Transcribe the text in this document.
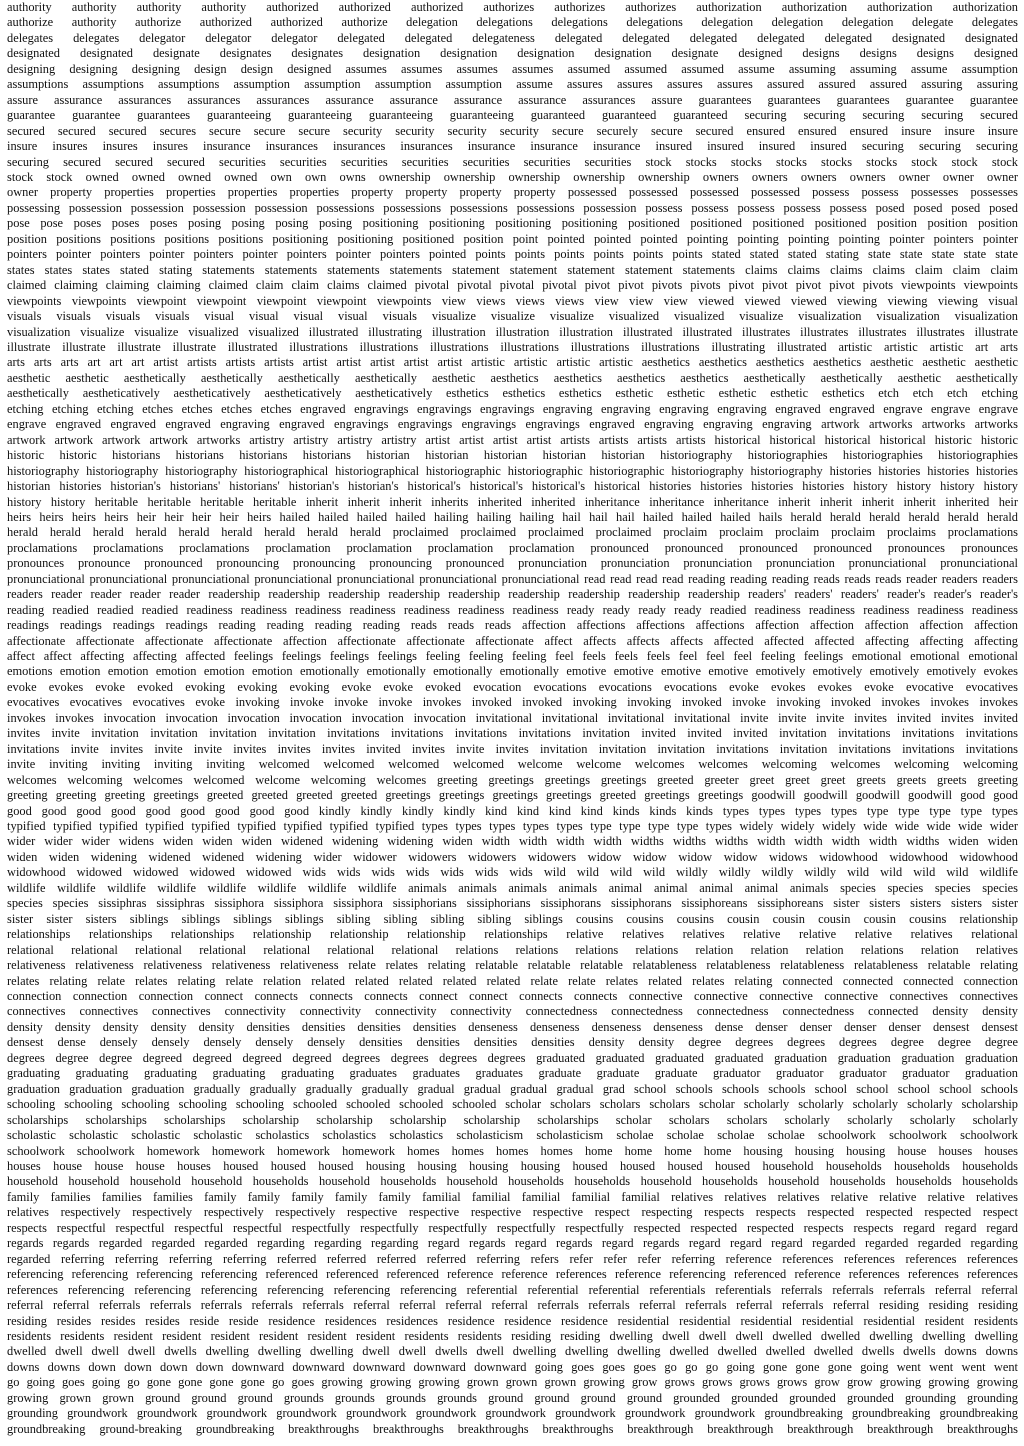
authority authority authority authority authorized authorized authorized authorizes authorizes authorizes authorization authorization authorization authorization
authorize authority authorize authorized authorized authorize delegation delegations delegations delegations delegation delegation delegation delegate delegates
delegates delegates delegator delegator delegator delegated delegated delegateness delegated delegated delegated delegated delegated designated designated
designated designated designate designates designates designation designation designation designation designate designed designs designs designs designed
designing designing designing design design designed assumes assumes assumes assumes assumed assumed assumed assume assuming assuming assume assumption
assumptions assumptions assumptions assumption assumption assumption assumption assume assures assures assures assures assured assured assured assuring assuring
assure assurance assurances assurances assurances assurance assurance assurance assurance assurances assure guarantees guarantees guarantees guarantee guarantee
guarantee guarantee guarantees guaranteeing guaranteeing guaranteeing guaranteeing guaranteed guaranteed guaranteed securing securing securing securing secured
secured secured secured secures secure secure secure security security security security secure securely secure secured ensured ensured ensured insure insure insure
insure insures insures insures insurance insurances insurances insurances insurance insurance insurance insured insured insured insured securing securing securing
securing secured secured secured securities securities securities securities securities securities securities stock stocks stocks stocks stocks stocks stock stock stock
stock stock owned owned owned owned own own owns ownership ownership ownership ownership ownership owners owners owners owners owner owner owner
owner property properties properties properties properties property property property property possessed possessed possessed possessed possess possess possesses possesses
possessing possession possession possession possession possessions possessions possessions possessions possession possess possess possess possess possess posed posed posed posed
pose pose poses poses poses posing posing posing posing positioning positioning positioning positioning positioned positioned positioned positioned position position position
position positions positions positions positions positioning positioning positioned position point pointed pointed pointed pointing pointing pointing pointing pointer pointers pointer
pointers pointer pointers pointer pointers pointer pointers pointer pointers pointed points points points points points points stated stated stated stating state state state state state
states states states stated stating statements statements statements statements statement statement statement statement statements claims claims claims claims claim claim claim
claimed claiming claiming claiming claimed claim claim claims claimed pivotal pivotal pivotal pivotal pivot pivot pivots pivots pivot pivot pivot pivot pivots viewpoints viewpoints
viewpoints viewpoints viewpoint viewpoint viewpoint viewpoint viewpoints view views views views view view view viewed viewed viewed viewing viewing viewing visual
visuals visuals visuals visuals visual visual visual visual visuals visualize visualize visualize visualized visualized visualize visualization visualization visualization
visualization visualize visualize visualized visualized illustrated illustrating illustration illustration illustration illustrated illustrated illustrates illustrates illustrates illustrates illustrate
illustrate illustrate illustrate illustrate illustrated illustrations illustrations illustrations illustrations illustrations illustrations illustrating illustrated artistic artistic artistic art arts
arts arts arts art art art artist artists artists artists artist artist artist artist artist artistic artistic artistic artistic aesthetics aesthetics aesthetics aesthetics aesthetic aesthetic aesthetic
aesthetic aesthetic aesthetically aesthetically aesthetically aesthetically aesthetic aesthetics aesthetics aesthetics aesthetics aesthetically aesthetically aesthetic aesthetically
aesthetically aestheticatively aestheticatively aestheticatively aestheticatively esthetics esthetics esthetics esthetic esthetic esthetic esthetic esthetics etch etch etch etching
etching etching etching etches etches etches etches engraved engravings engravings engravings engraving engraving engraving engraving engraved engraved engrave engrave engrave
engrave engraved engraved engraved engraving engraved engravings engravings engravings engravings engraved engraving engraving engraving artwork artworks artworks artworks
artwork artwork artwork artwork artworks artistry artistry artistry artistry artist artist artist artist artists artists artists artists historical historical historical historical historic historic
historic historic historians historians historians historians historian historian historian historian historian historiography historiographies historiographies historiographies
historiography historiography historiography historiographical historiographical historiographic historiographic historiographic historiography historiography histories histories histories histories
historian histories historian's historians' historians' historian's historian's historical's historical's historical's historical histories histories histories histories history history history history
history history heritable heritable heritable heritable inherit inherit inherit inherits inherited inherited inheritance inheritance inheritance inherit inherit inherit inherit inherited heir
heirs heirs heirs heirs heir heir heir heir heirs hailed hailed hailed hailed hailing hailing hailing hail hail hail hailed hailed hailed hails herald herald herald herald herald herald
herald herald herald herald herald herald herald herald herald proclaimed proclaimed proclaimed proclaimed proclaim proclaim proclaim proclaim proclaims proclamations
proclamations proclamations proclamations proclamation proclamation proclamation proclamation pronounced pronounced pronounced pronounced pronounces pronounces
pronounces pronounce pronounced pronouncing pronouncing pronouncing pronounced pronunciation pronunciation pronunciation pronunciation pronunciational pronunciational
pronunciational pronunciational pronunciational pronunciational pronunciational pronunciational pronunciational read read read read reading reading reading reads reads reads reader readers readers
readers reader reader reader reader readership readership readership readership readership readership readership readership readership readers' readers' readers' reader's reader's reader's
reading readied readied readied readiness readiness readiness readiness readiness readiness readiness ready ready ready ready readied readiness readiness readiness readiness readiness
readings readings readings readings reading reading reading reading reads reads reads affection affections affections affections affection affection affection affection affection
affectionate affectionate affectionate affectionate affection affectionate affectionate affectionate affect affects affects affects affected affected affected affecting affecting affecting
affect affect affecting affecting affected feelings feelings feelings feelings feeling feeling feeling feel feels feels feels feel feel feel feeling feelings emotional emotional emotional
emotions emotion emotion emotion emotion emotion emotionally emotionally emotionally emotionally emotive emotive emotive emotive emotively emotively emotively emotively evokes
evoke evokes evoke evoked evoking evoking evoking evoke evoke evoked evocation evocations evocations evocations evoke evokes evokes evoke evocative evocatives
evocatives evocatives evocatives evoke invoking invoke invoke invoke invokes invoked invoked invoking invoking invoked invoke invoking invoked invokes invokes invokes
invokes invokes invocation invocation invocation invocation invocation invocation invitational invitational invitational invitational invite invite invite invites invited invites invited
invites invite invitation invitation invitation invitation invitations invitations invitations invitations invitation invited invited invited invitation invitations invitations invitations
invitations invite invites invite invite invites invites invites invited invites invite invites invitation invitation invitation invitations invitation invitations invitations invitations
invite inviting inviting inviting inviting welcomed welcomed welcomed welcomed welcome welcome welcomes welcomes welcoming welcomes welcoming welcoming
welcomes welcoming welcomes welcomed welcome welcoming welcomes greeting greetings greetings greetings greeted greeter greet greet greet greets greets greets greeting
greeting greeting greeting greetings greeted greeted greeted greeted greetings greetings greetings greetings greeted greetings greetings goodwill goodwill goodwill goodwill good good
good good good good good good good good good kindly kindly kindly kindly kind kind kind kind kinds kinds kinds types types types types type type type type types
typified typified typified typified typified typified typified typified typified types types types types types type type type type types widely widely widely wide wide wide wide wider
wider wider wider widens widen widen widen widened widening widening widen width width width width widths widths widths width width width width widths widen widen
widen widen widening widened widened widening wider widower widowers widowers widowers widow widow widow widow widows widowhood widowhood widowhood
widowhood widowed widowed widowed widowed wids wids wids wids wids wids wids wild wild wild wild wildly wildly wildly wildly wild wild wild wild wildlife
wildlife wildlife wildlife wildlife wildlife wildlife wildlife wildlife animals animals animals animals animal animal animal animal animals species species species species
species species sissiphras sissiphras sissiphora sissiphora sissiphora sissiphorians sissiphorians sissiphorans sissiphorans sissiphoreans sissiphoreans sister sisters sisters sisters sister
sister sister sisters siblings siblings siblings siblings sibling sibling sibling sibling siblings cousins cousins cousins cousin cousin cousin cousin cousins relationship
relationships relationships relationships relationship relationship relationship relationships relative relatives relatives relative relative relative relatives relational
relational relational relational relational relational relational relational relations relations relations relations relation relation relation relations relation relatives
relativeness relativeness relativeness relativeness relativeness relate relates relating relatable relatable relatable relatableness relatableness relatableness relatableness relatable relating
relates relating relate relates relating relate relation related related related related related relate relate relates related relates relating connected connected connected connection
connection connection connection connect connects connects connects connect connect connects connects connective connective connective connective connectives connectives
connectives connectives connectives connectivity connectivity connectivity connectivity connectedness connectedness connectedness connectedness connected density density
density density density density density densities densities densities densities denseness denseness denseness denseness dense denser denser denser denser densest densest
densest dense densely densely densely densely densely densities densities densities densities density density degree degrees degrees degrees degree degree degree
degrees degree degree degreed degreed degreed degreed degrees degrees degrees degrees graduated graduated graduated graduated graduation graduation graduation graduation
graduating graduating graduating graduating graduating graduates graduates graduates graduate graduate graduate graduator graduator graduator graduator graduation
graduation graduation graduation gradually gradually gradually gradually gradual gradual gradual gradual grad school schools schools schools school school school school schools
schooling schooling schooling schooling schooling schooled schooled schooled schooled scholar scholars scholars scholars scholar scholarly scholarly scholarly scholarly scholarship
scholarships scholarships scholarships scholarship scholarship scholarship scholarship scholarships scholar scholars scholars scholarly scholarly scholarly scholarly
scholastic scholastic scholastic scholastic scholastics scholastics scholastics scholasticism scholasticism scholae scholae scholae scholae schoolwork schoolwork schoolwork
schoolwork schoolwork homework homework homework homework homes homes homes homes home home home home housing housing housing house houses houses
houses house house house houses housed housed housed housing housing housing housing housed housed housed housed household households households households
household household household household households household households household households households household households household households households households
family families families families family family family family family familial familial familial familial familial relatives relatives relatives relative relative relative relatives
relatives respectively respectively respectively respectively respective respective respective respective respect respecting respects respects respected respected respected respect
respects respectful respectful respectful respectful respectfully respectfully respectfully respectfully respectfully respected respected respected respects respects regard regard regard
regards regards regarded regarded regarded regarding regarding regarding regard regards regard regards regard regards regard regard regard regarded regarded regarded regarding
regarded referring referring referring referring referred referred referred referred referring refers refer refer refer referring reference references references references references
referencing referencing referencing referencing referenced referenced referenced reference reference references reference referencing referenced reference references references references
references referencing referencing referencing referencing referencing referencing referential referential referential referentials referentials referrals referrals referrals referral referral
referral referral referrals referrals referrals referrals referrals referral referral referral referral referrals referrals referral referrals referral referrals referral residing residing residing
residing resides resides resides reside reside residence residences residences residence residence residence residential residential residential residential residential resident residents
residents residents resident resident resident resident resident resident residents residents residing residing dwelling dwell dwell dwell dwelled dwelled dwelling dwelling dwelling
dwelled dwell dwell dwell dwells dwelling dwelling dwelling dwell dwell dwells dwell dwelling dwelling dwelling dwelled dwelled dwelled dwelled dwells dwells downs downs
downs downs down down down down downward downward downward downward downward going goes goes goes go go go going gone gone gone going went went went went
go going goes going go gone gone gone gone go goes growing growing growing grown grown grown growing grow grows grows grows grows grow grow growing growing growing
growing grown grown ground ground ground grounds grounds grounds grounds ground ground ground ground grounded grounded grounded grounded grounding grounding
grounding groundwork groundwork groundwork groundwork groundwork groundwork groundwork groundwork groundwork groundwork groundbreaking groundbreaking groundbreaking
groundbreaking ground-breaking groundbreaking breakthroughs breakthroughs breakthroughs breakthroughs breakthrough breakthrough breakthrough breakthrough breakthroughs
